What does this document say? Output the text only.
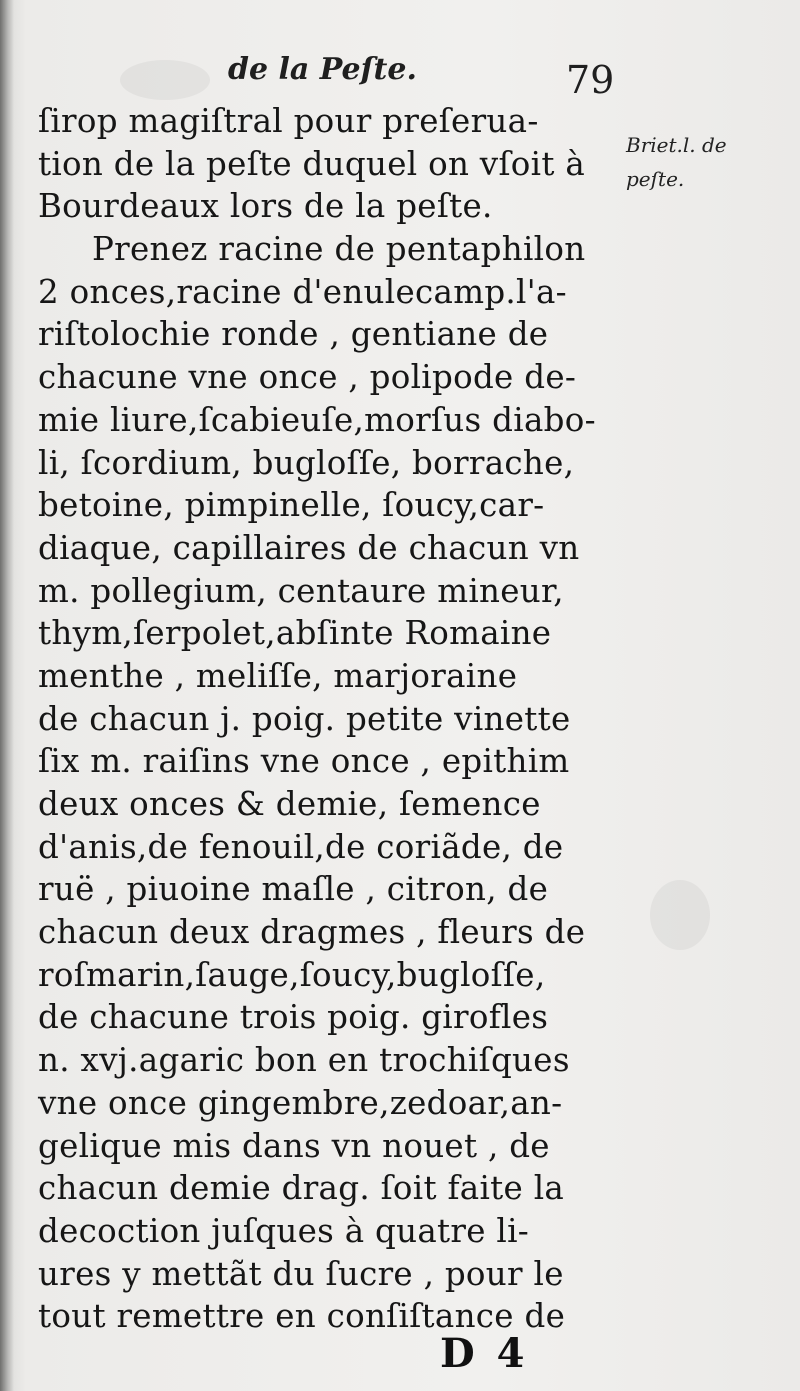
de la Peſte.	79
Briet.l. de
peſte.
ſirop magiſtral pour preſerua-
tion de la peſte duquel on vſoit à
Bourdeaux lors de la peſte.
Prenez racine de pentaphilon
2 onces,racine d'enulecamp.l'a-
riſtolochie ronde , gentiane de
chacune vne once , polipode de-
mie liure,ſcabieuſe,morſus diabo-
li, ſcordium, bugloſſe, borrache,
betoine, pimpinelle, ſoucy,car-
diaque, capillaires de chacun vn
m. pollegium, centaure mineur,
thym,ſerpolet,abſinte Romaine
menthe , meliſſe, marjoraine
de chacun j. poig. petite vinette
ſix m. raiſins vne once , epithim
deux onces & demie, ſemence
d'anis,de fenouil,de coriãde, de
ruë , piuoine maſle , citron, de
chacun deux dragmes , fleurs de
roſmarin,ſauge,ſoucy,bugloſſe,
de chacune trois poig. girofles
n. xvj.agaric bon en trochiſques
vne once gingembre,zedoar,an-
gelique mis dans vn nouet , de
chacun demie drag. ſoit faite la
decoction juſques à quatre li-
ures y mettãt du ſucre , pour le
tout remettre en conſiſtance de
D 4
